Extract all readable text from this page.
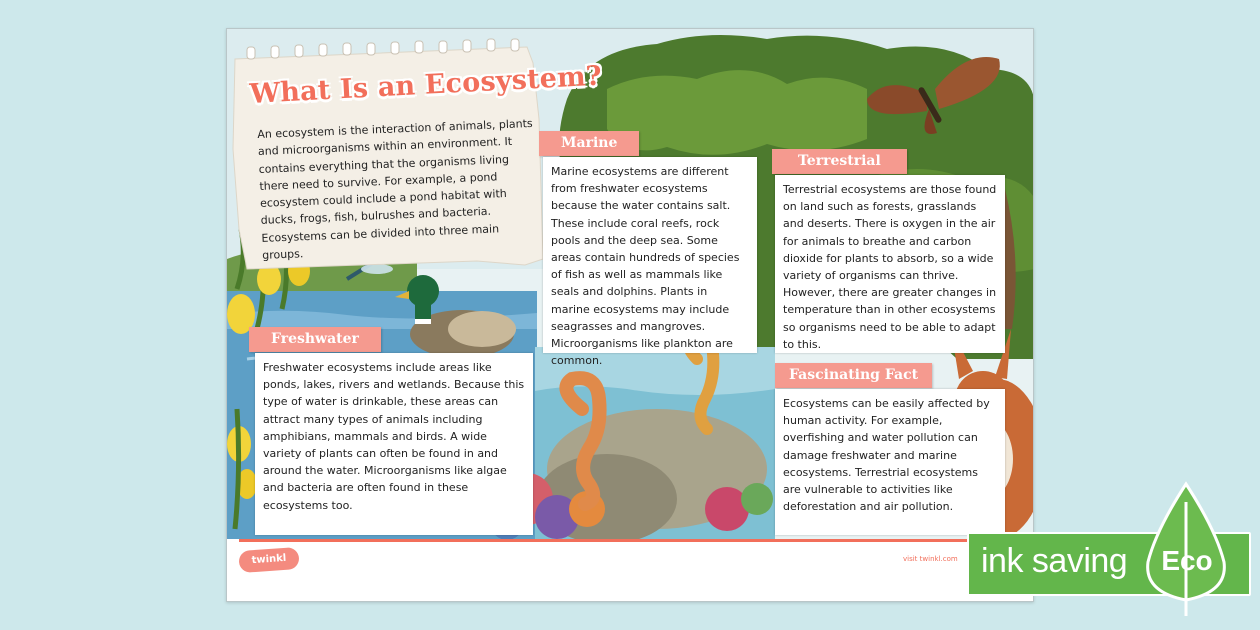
What Is an Ecosystem?
An ecosystem is the interaction of animals, plants and microorganisms within an environment. It contains everything that the organisms living there need to survive. For example, a pond ecosystem could include a pond habitat with ducks, frogs, fish, bulrushes and bacteria. Ecosystems can be divided into three main groups.
Marine
Marine ecosystems are different from freshwater ecosystems because the water contains salt. These include coral reefs, rock pools and the deep sea. Some areas contain hundreds of species of fish as well as mammals like seals and dolphins. Plants in marine ecosystems may include seagrasses and mangroves. Microorganisms like plankton are common.
Terrestrial
Terrestrial ecosystems are those found on land such as forests, grasslands and deserts. There is oxygen in the air for animals to breathe and carbon dioxide for plants to absorb, so a wide variety of organisms can thrive. However, there are greater changes in temperature than in other ecosystems so organisms need to be able to adapt to this.
Freshwater
Freshwater ecosystems include areas like ponds, lakes, rivers and wetlands. Because this type of water is drinkable, these areas can attract many types of animals including amphibians, mammals and birds. A wide variety of plants can often be found in and around the water. Microorganisms like algae and bacteria are often found in these ecosystems too.
Fascinating Fact
Ecosystems can be easily affected by human activity. For example, overfishing and water pollution can damage freshwater and marine ecosystems. Terrestrial ecosystems are vulnerable to activities like deforestation and air pollution.
twinkl	visit twinkl.com ink saving Eco
